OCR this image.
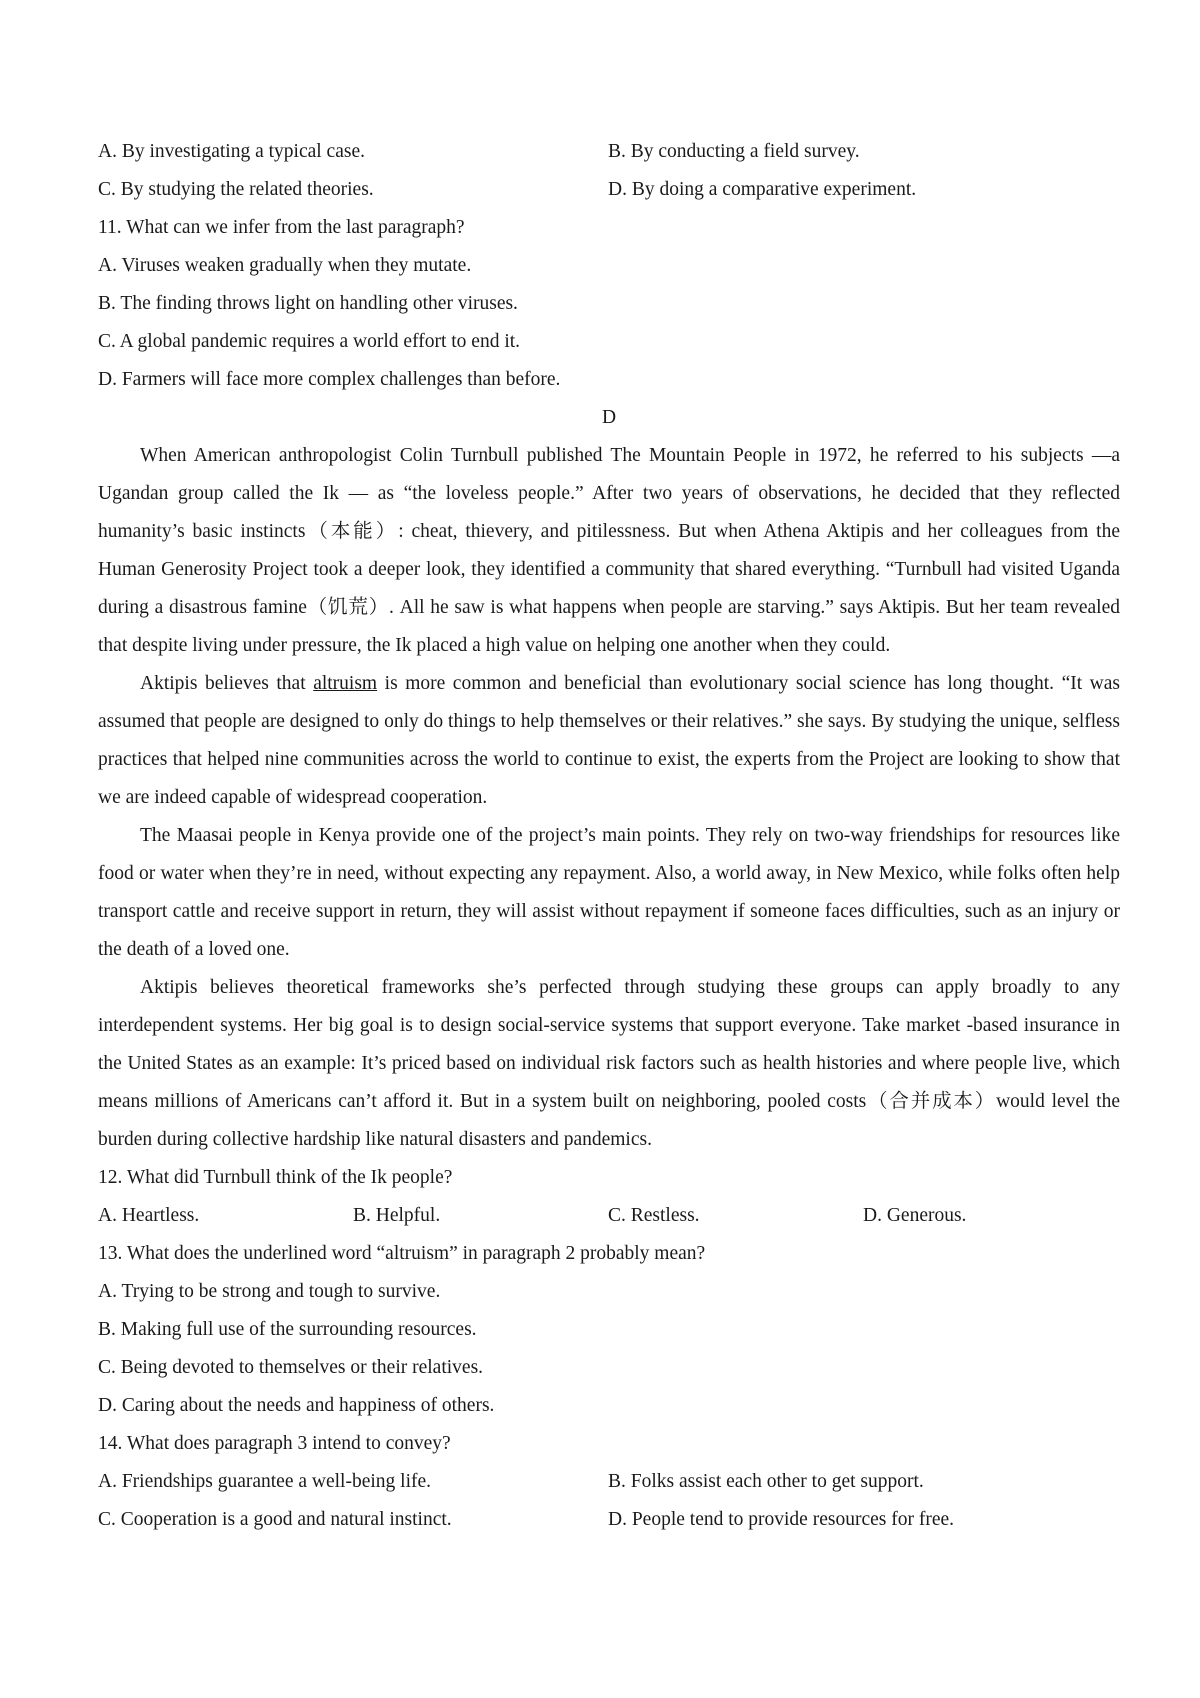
A. By investigating a typical case.	B. By conducting a field survey.
C. By studying the related theories.	D. By doing a comparative experiment.
11. What can we infer from the last paragraph?
A. Viruses weaken gradually when they mutate.
B. The finding throws light on handling other viruses.
C. A global pandemic requires a world effort to end it.
D. Farmers will face more complex challenges than before.
D

When American anthropologist Colin Turnbull published The Mountain People in 1972, he referred to his subjects —a Ugandan group called the Ik — as “the loveless people.” After two years of observations, he decided that they reflected humanity’s basic instincts（本能）: cheat, thievery, and pitilessness. But when Athena Aktipis and her colleagues from the Human Generosity Project took a deeper look, they identified a community that shared everything. “Turnbull had visited Uganda during a disastrous famine（饥荒）. All he saw is what happens when people are starving.” says Aktipis. But her team revealed that despite living under pressure, the Ik placed a high value on helping one another when they could.

Aktipis believes that altruism is more common and beneficial than evolutionary social science has long thought. “It was assumed that people are designed to only do things to help themselves or their relatives.” she says. By studying the unique, selfless practices that helped nine communities across the world to continue to exist, the experts from the Project are looking to show that we are indeed capable of widespread cooperation.

The Maasai people in Kenya provide one of the project’s main points. They rely on two-way friendships for resources like food or water when they’re in need, without expecting any repayment. Also, a world away, in New Mexico, while folks often help transport cattle and receive support in return, they will assist without repayment if someone faces difficulties, such as an injury or the death of a loved one.

Aktipis believes theoretical frameworks she’s perfected through studying these groups can apply broadly to any interdependent systems. Her big goal is to design social-service systems that support everyone. Take market -based insurance in the United States as an example: It’s priced based on individual risk factors such as health histories and where people live, which means millions of Americans can’t afford it. But in a system built on neighboring, pooled costs（合并成本）would level the burden during collective hardship like natural disasters and pandemics.

12. What did Turnbull think of the Ik people?
A. Heartless.	B. Helpful.	C. Restless.	D. Generous.
13. What does the underlined word “altruism” in paragraph 2 probably mean?
A. Trying to be strong and tough to survive.
B. Making full use of the surrounding resources.
C. Being devoted to themselves or their relatives.
D. Caring about the needs and happiness of others.
14. What does paragraph 3 intend to convey?
A. Friendships guarantee a well-being life.	B. Folks assist each other to get support.
C. Cooperation is a good and natural instinct.	D. People tend to provide resources for free.
